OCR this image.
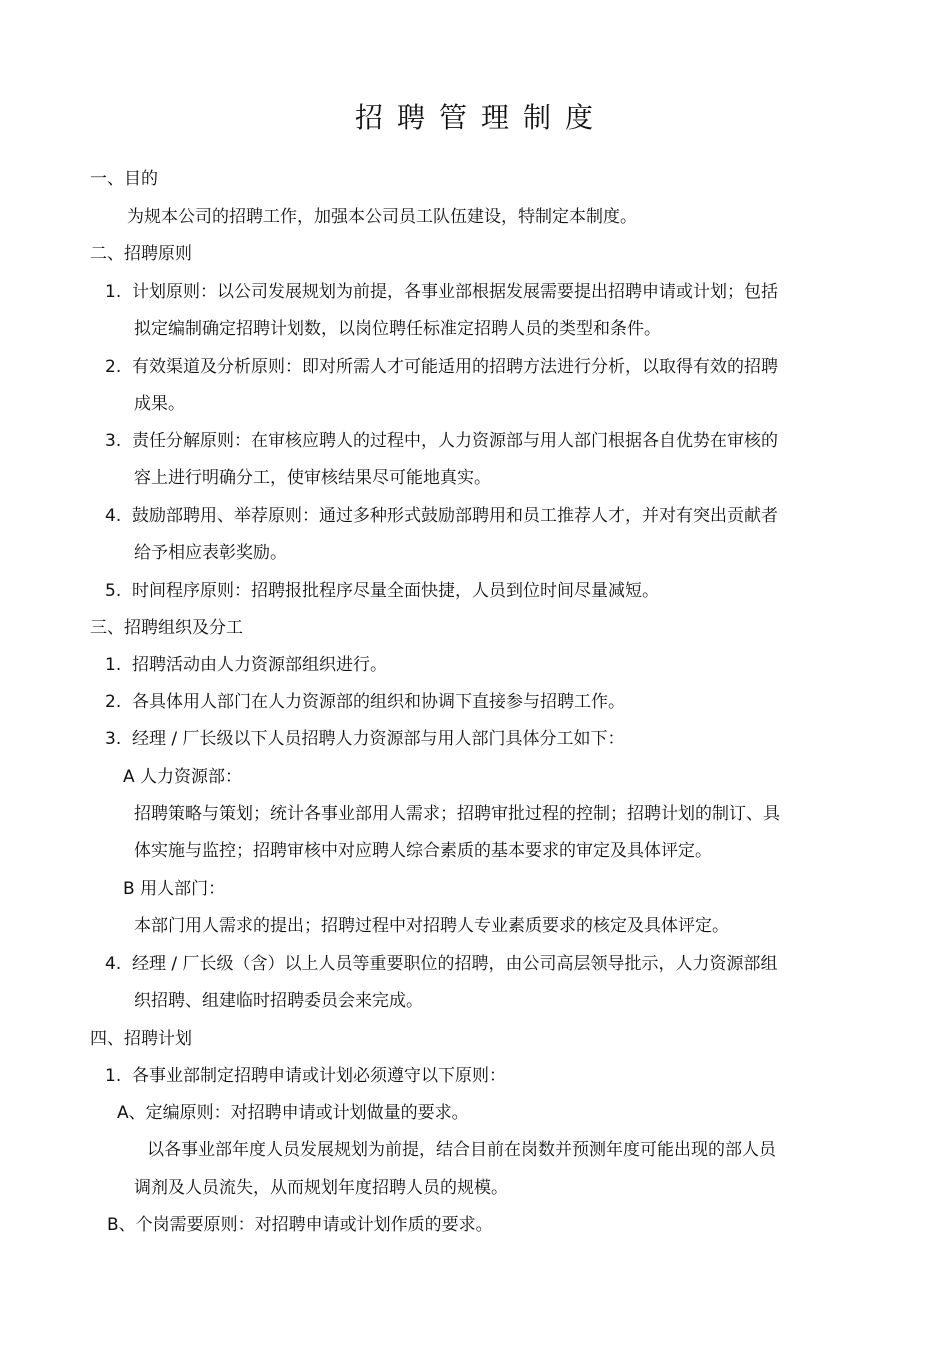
招聘管理制度
一、目的
为规本公司的招聘工作，加强本公司员工队伍建设，特制定本制度。
二、招聘原则
1. 计划原则：以公司发展规划为前提，各事业部根据发展需要提出招聘申请或计划；包括
拟定编制确定招聘计划数，以岗位聘任标准定招聘人员的类型和条件。
2. 有效渠道及分析原则：即对所需人才可能适用的招聘方法进行分析，以取得有效的招聘
成果。
3. 责任分解原则：在审核应聘人的过程中，人力资源部与用人部门根据各自优势在审核的
容上进行明确分工，使审核结果尽可能地真实。
4. 鼓励部聘用、举荐原则：通过多种形式鼓励部聘用和员工推荐人才，并对有突出贡献者
给予相应表彰奖励。
5. 时间程序原则：招聘报批程序尽量全面快捷，人员到位时间尽量减短。
三、招聘组织及分工
1. 招聘活动由人力资源部组织进行。
2. 各具体用人部门在人力资源部的组织和协调下直接参与招聘工作。
3. 经理 / 厂长级以下人员招聘人力资源部与用人部门具体分工如下：
A 人力资源部：
招聘策略与策划；统计各事业部用人需求；招聘审批过程的控制；招聘计划的制订、具
体实施与监控；招聘审核中对应聘人综合素质的基本要求的审定及具体评定。
B 用人部门：
本部门用人需求的提出；招聘过程中对招聘人专业素质要求的核定及具体评定。
4. 经理 / 厂长级（含）以上人员等重要职位的招聘，由公司高层领导批示，人力资源部组
织招聘、组建临时招聘委员会来完成。
四、招聘计划
1. 各事业部制定招聘申请或计划必须遵守以下原则：
A、定编原则：对招聘申请或计划做量的要求。
以各事业部年度人员发展规划为前提，结合目前在岗数并预测年度可能出现的部人员
调剂及人员流失，从而规划年度招聘人员的规模。
B、个岗需要原则：对招聘申请或计划作质的要求。
